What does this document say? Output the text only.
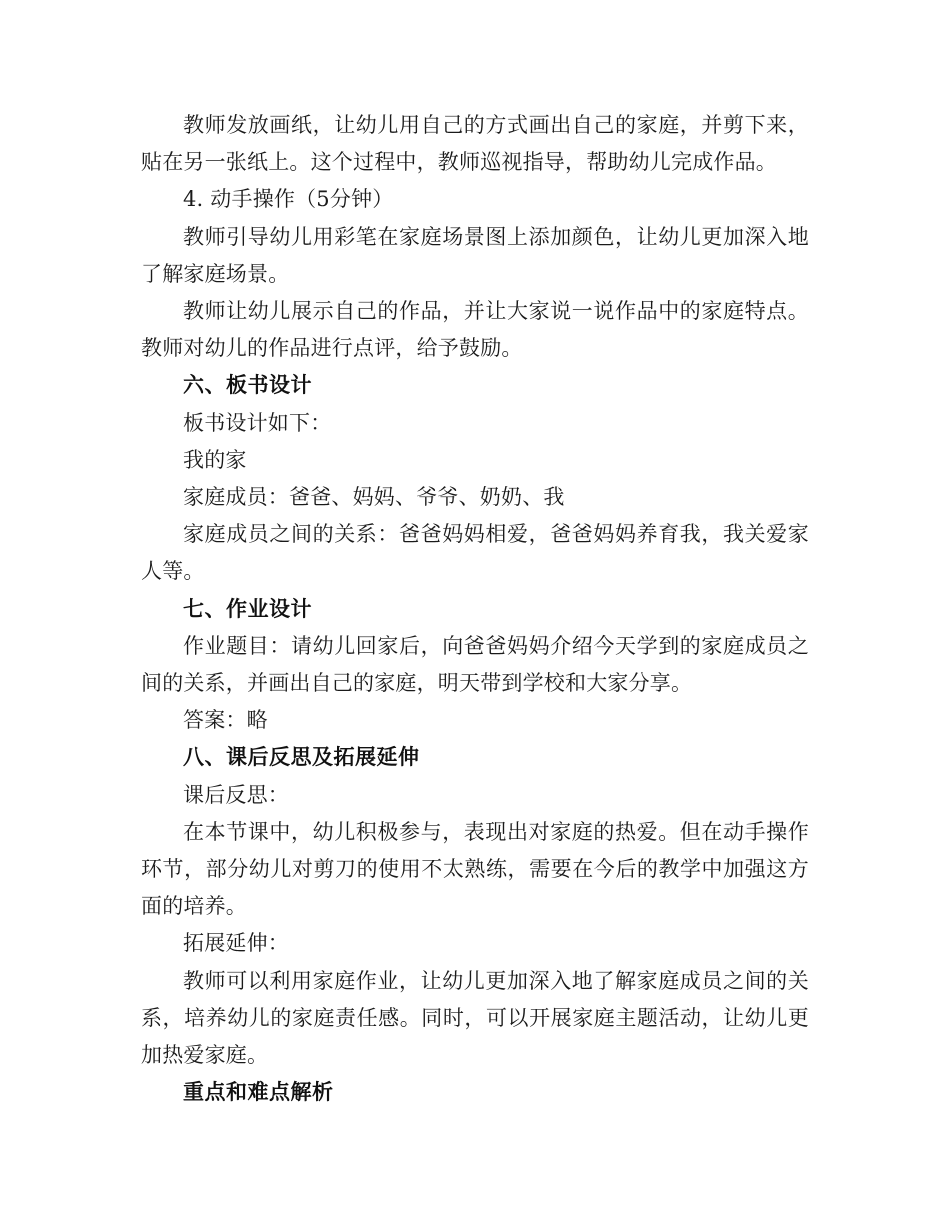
教师发放画纸，让幼儿用自己的方式画出自己的家庭，并剪下来，贴在另一张纸上。这个过程中，教师巡视指导，帮助幼儿完成作品。

4. 动手操作（5分钟）

教师引导幼儿用彩笔在家庭场景图上添加颜色，让幼儿更加深入地了解家庭场景。

教师让幼儿展示自己的作品，并让大家说一说作品中的家庭特点。教师对幼儿的作品进行点评，给予鼓励。

六、板书设计

板书设计如下：

我的家

家庭成员：爸爸、妈妈、爷爷、奶奶、我

家庭成员之间的关系：爸爸妈妈相爱，爸爸妈妈养育我，我关爱家人等。

七、作业设计

作业题目：请幼儿回家后，向爸爸妈妈介绍今天学到的家庭成员之间的关系，并画出自己的家庭，明天带到学校和大家分享。

答案：略

八、课后反思及拓展延伸

课后反思：

在本节课中，幼儿积极参与，表现出对家庭的热爱。但在动手操作环节，部分幼儿对剪刀的使用不太熟练，需要在今后的教学中加强这方面的培养。

拓展延伸：

教师可以利用家庭作业，让幼儿更加深入地了解家庭成员之间的关系，培养幼儿的家庭责任感。同时，可以开展家庭主题活动，让幼儿更加热爱家庭。

重点和难点解析
